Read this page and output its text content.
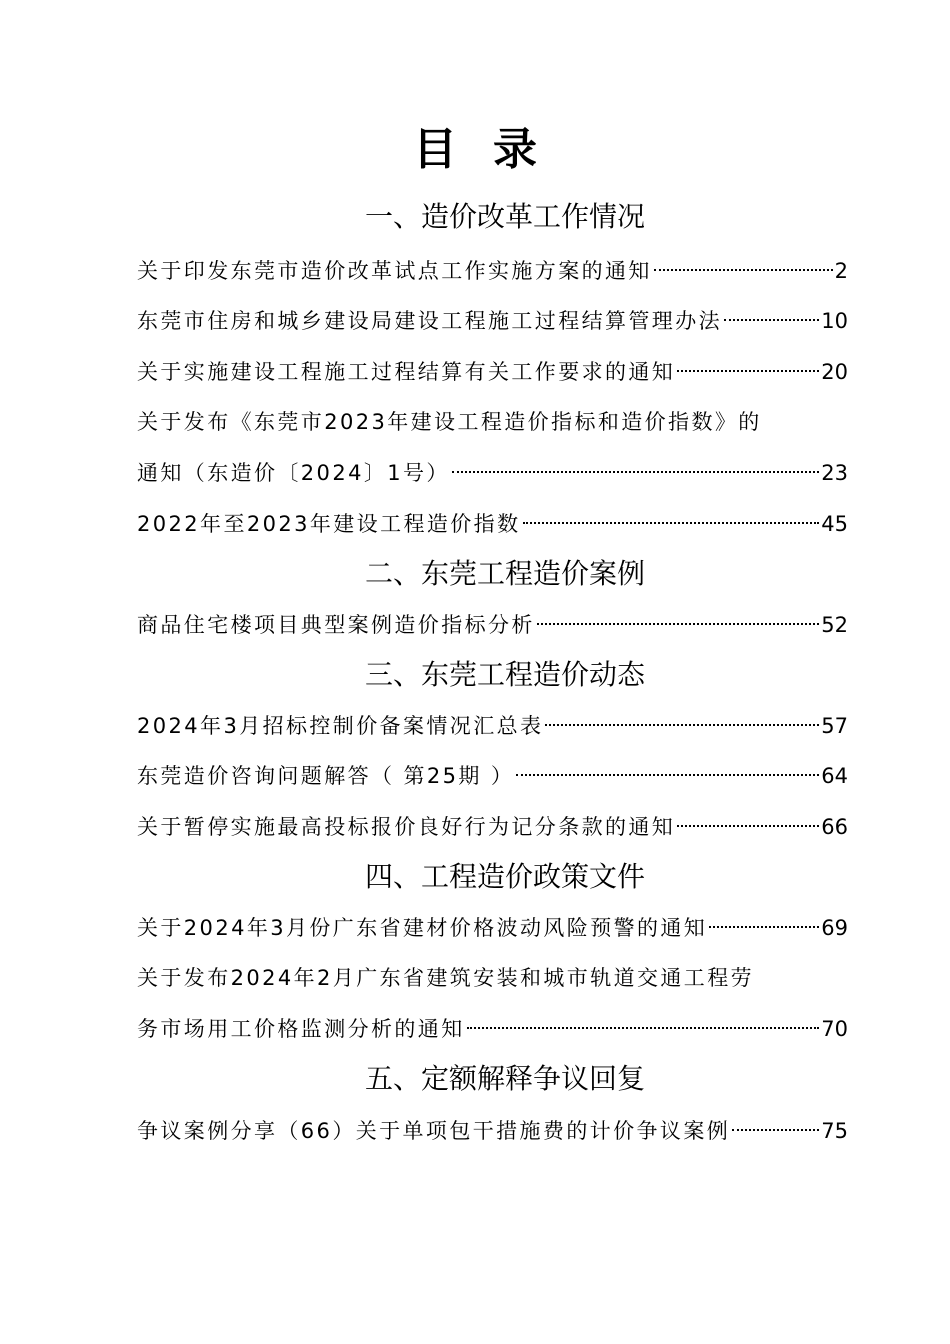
目 录
一、造价改革工作情况
关于印发东莞市造价改革试点工作实施方案的通知	2
东莞市住房和城乡建设局建设工程施工过程结算管理办法	10
关于实施建设工程施工过程结算有关工作要求的通知	20
关于发布《东莞市2023年建设工程造价指标和造价指数》的
通知（东造价〔2024〕1号）	23
2022年至2023年建设工程造价指数	45
二、东莞工程造价案例
商品住宅楼项目典型案例造价指标分析	52
三、东莞工程造价动态
2024年3月招标控制价备案情况汇总表	57
东莞造价咨询问题解答（ 第25期 ）	64
关于暂停实施最高投标报价良好行为记分条款的通知	66
四、工程造价政策文件
关于2024年3月份广东省建材价格波动风险预警的通知	69
关于发布2024年2月广东省建筑安装和城市轨道交通工程劳
务市场用工价格监测分析的通知	70
五、定额解释争议回复
争议案例分享（66）关于单项包干措施费的计价争议案例	75
